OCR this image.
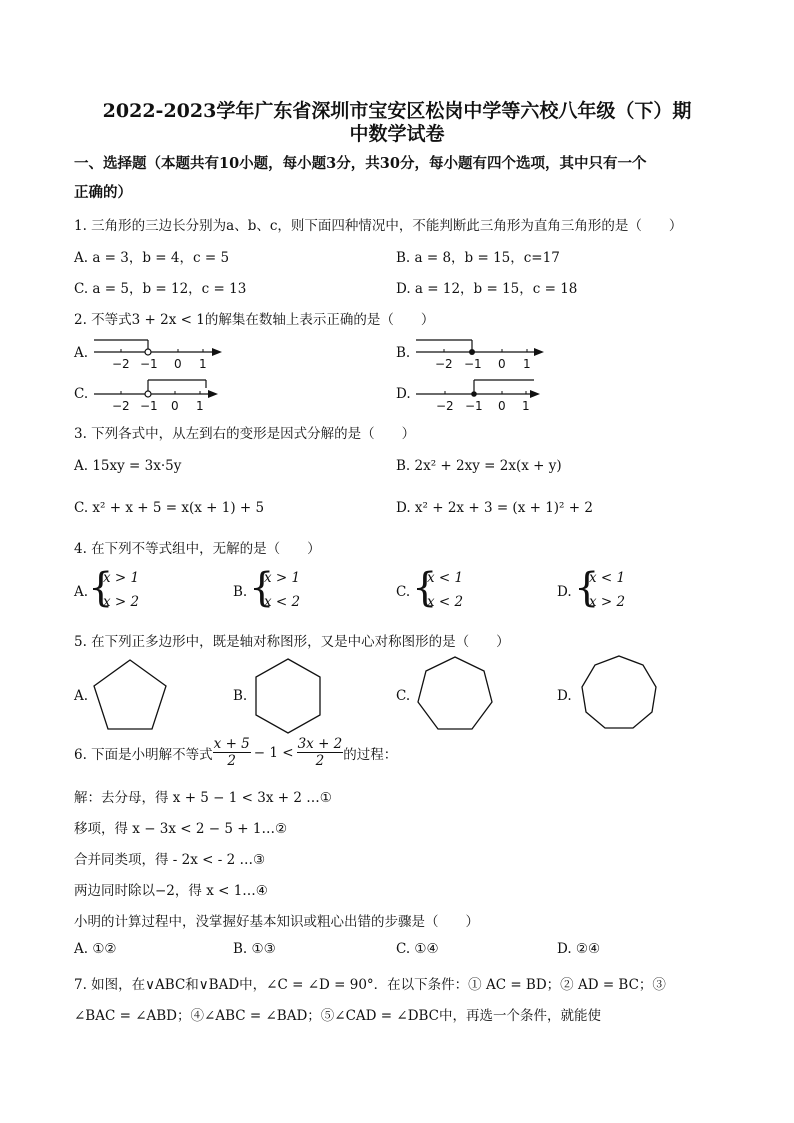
2022-2023学年广东省深圳市宝安区松岗中学等六校八年级（下）期
中数学试卷
一、选择题（本题共有10小题，每小题3分，共30分，每小题有四个选项，其中只有一个
正确的）
1. 三角形的三边长分别为a、b、c，则下面四种情况中，不能判断此三角形为直角三角形的是（　　）
A. a = 3，b = 4，c = 5	B. a = 8，b = 15，c=17
C. a = 5，b = 12，c = 13	D. a = 12，b = 15，c = 18
2. 不等式3 + 2x < 1的解集在数轴上表示正确的是（　　）
A.
−2 −1 0 1
B.
−2 −1 0 1
C.
−2 −1 0 1
D.
−2 −1 0 1
3. 下列各式中，从左到右的变形是因式分解的是（　　）
A. 15xy = 3x·5y	B. 2x² + 2xy = 2x(x + y)
C. x² + x + 5 = x(x + 1) + 5	D. x² + 2x + 3 = (x + 1)² + 2
4. 在下列不等式组中，无解的是（　　）
A. {
x > 1
x > 2
B. {
x > 1
x < 2
C. {
x < 1
x < 2
D. {
x < 1
x > 2
5. 在下列正多边形中，既是轴对称图形，又是中心对称图形的是（　　）
A.	B.	C.	D.
6. 下面是小明解不等式 $\frac{x + 5}{2} - 1 < \frac{3x + 2}{2}$ 的过程：
解：去分母，得 x + 5 − 1 < 3x + 2 …①
移项，得 x − 3x < 2 − 5 + 1…②
合并同类项，得 - 2x < - 2 …③
两边同时除以−2，得 x < 1…④
小明的计算过程中，没掌握好基本知识或粗心出错的步骤是（　　）
A. ①②	B. ①③	C. ①④	D. ②④
7. 如图，在∨ABC和∨BAD中，∠C = ∠D = 90°．在以下条件：① AC = BD；② AD = BC；③
∠BAC = ∠ABD；④∠ABC = ∠BAD；⑤∠CAD = ∠DBC中，再选一个条件，就能使
